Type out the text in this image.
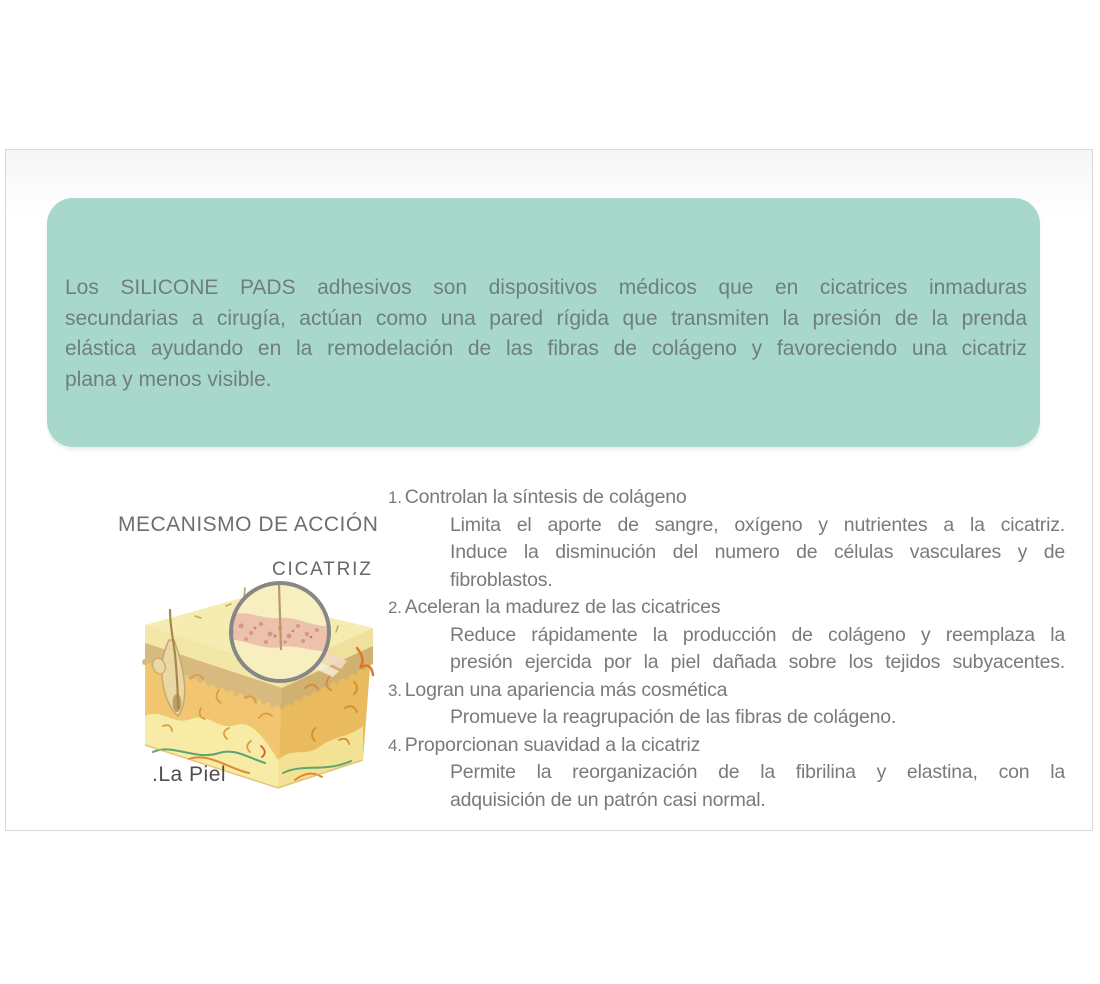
Los SILICONE PADS adhesivos son dispositivos médicos que en cicatrices inmaduras
secundarias a cirugía, actúan como una pared rígida que transmiten la presión de la prenda
elástica ayudando en la remodelación de las fibras de colágeno y favoreciendo una cicatriz
plana y menos visible.
MECANISMO DE ACCIÓN
CICATRIZ
.La Piel
1. Controlan la síntesis de colágeno
Limita el aporte de sangre, oxígeno y nutrientes a la cicatriz.
Induce la disminución del numero de células vasculares y de
fibroblastos.
2. Aceleran la madurez de las cicatrices
Reduce rápidamente la producción de colágeno y reemplaza la
presión ejercida por la piel dañada sobre los tejidos subyacentes.
3. Logran una apariencia más cosmética
Promueve la reagrupación de las fibras de colágeno.
4. Proporcionan suavidad a la cicatriz
Permite la reorganización de la fibrilina y elastina, con la
adquisición de un patrón casi normal.
